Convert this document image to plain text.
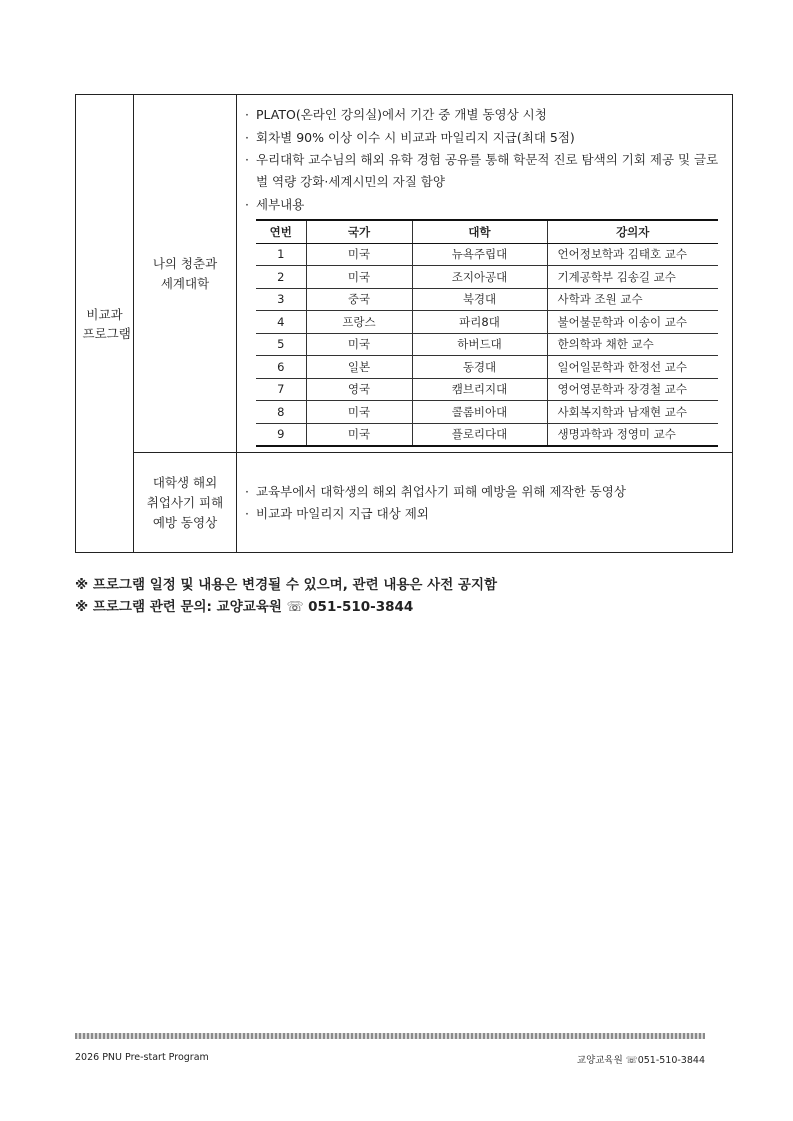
비교과 프로그램	나의 청춘과 세계대학	
· PLATO(온라인 강의실)에서 기간 중 개별 동영상 시청
· 회차별 90% 이상 이수 시 비교과 마일리지 지급(최대 5점)
· 우리대학 교수님의 해외 유학 경험 공유를 통해 학문적 진로 탐색의 기회 제공 및 글로벌 역량 강화·세계시민의 자질 함양
· 세부내용
연번	국가	대학	강의자
1	미국	뉴욕주립대	언어정보학과 김태호 교수
2	미국	조지아공대	기계공학부 김송길 교수
3	중국	북경대	사학과 조원 교수
4	프랑스	파리8대	불어불문학과 이송이 교수
5	미국	하버드대	한의학과 채한 교수
6	일본	동경대	일어일문학과 한정선 교수
7	영국	캠브리지대	영어영문학과 장경철 교수
8	미국	콜롬비아대	사회복지학과 남재현 교수
9	미국	플로리다대	생명과학과 정영미 교수

대학생 해외 취업사기 피해 예방 동영상	
· 교육부에서 대학생의 해외 취업사기 피해 예방을 위해 제작한 동영상
· 비교과 마일리지 지급 대상 제외
※ 프로그램 일정 및 내용은 변경될 수 있으며, 관련 내용은 사전 공지함
※ 프로그램 관련 문의: 교양교육원 ☏ 051-510-3844
2026 PNU Pre-start Program	교양교육원 ☏051-510-3844
